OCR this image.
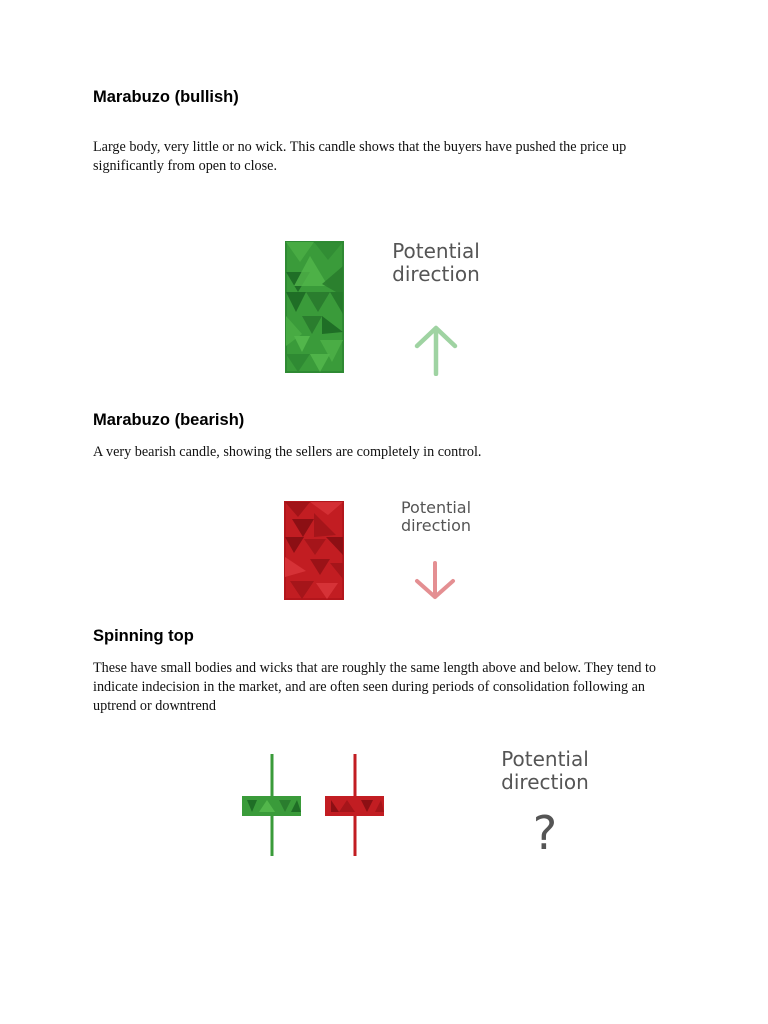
Marabuzo (bullish)

Large body, very little or no wick. This candle shows that the buyers have pushed the price up significantly from open to close.

Potential
direction
Marabuzo (bearish)

A very bearish candle, showing the sellers are completely in control.

Potential
direction
Spinning top

These have small bodies and wicks that are roughly the same length above and below. They tend to indicate indecision in the market, and are often seen during periods of consolidation following an uptrend or downtrend

Potential
direction
?
